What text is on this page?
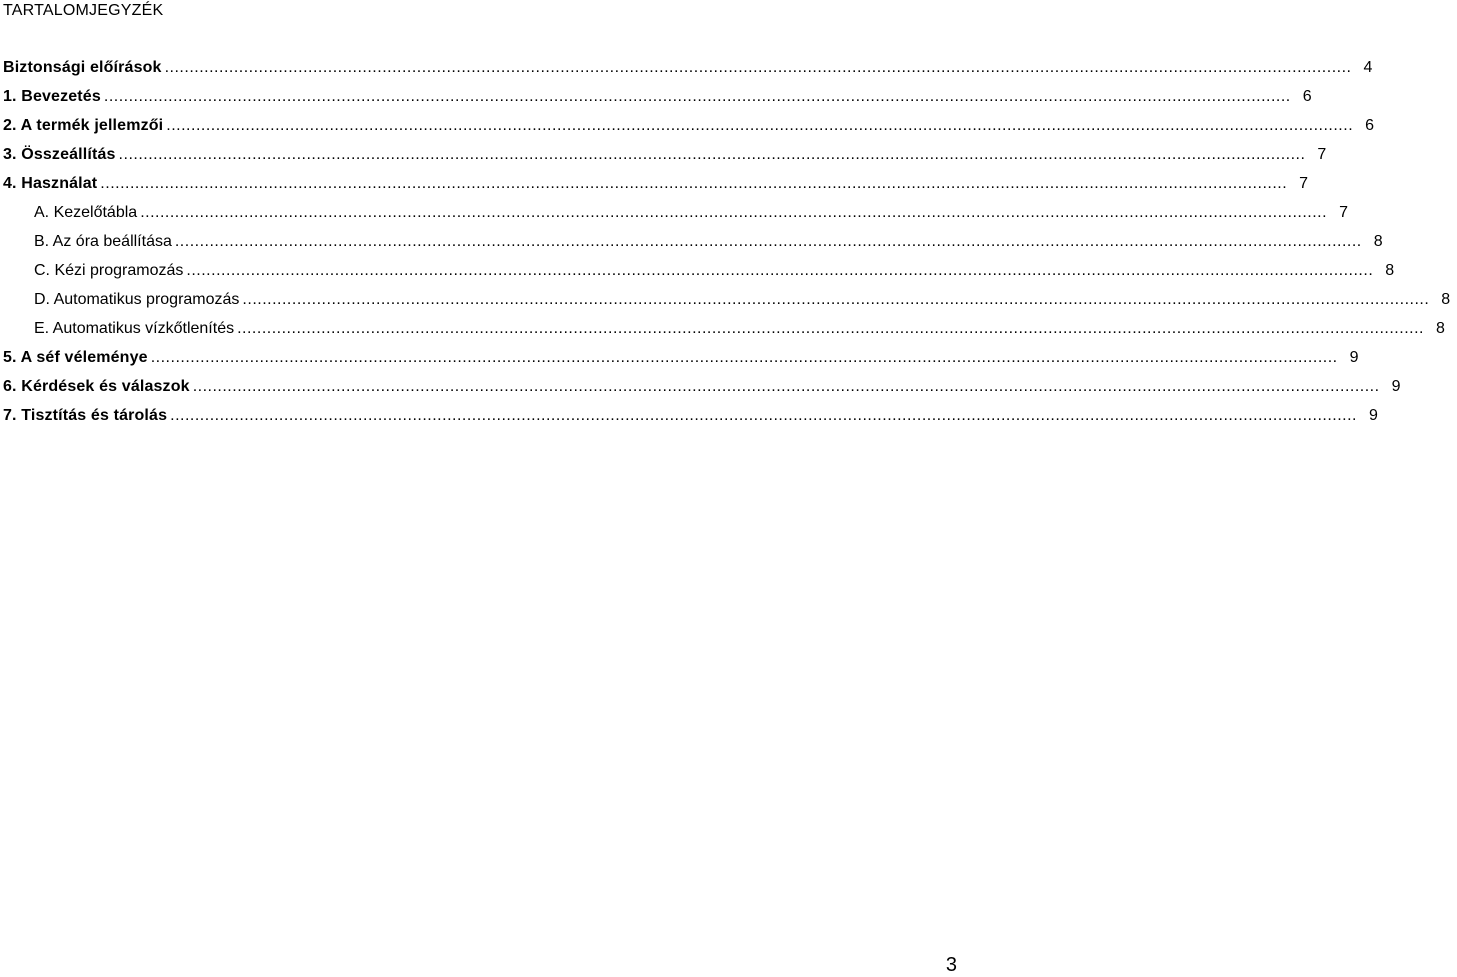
TARTALOMJEGYZÉK
Biztonsági előírások .....	4
1. Bevezetés .....	6
2. A termék jellemzői .....	6
3. Összeállítás .....	7
4. Használat .....	7
A. Kezelőtábla .....	7
B. Az óra beállítása .....	8
C. Kézi programozás .....	8
D. Automatikus programozás .....	8
E. Automatikus vízkőtlenítés .....	8
5. A séf véleménye .....	9
6. Kérdések és válaszok .....	9
7. Tisztítás és tárolás .....	9
3
